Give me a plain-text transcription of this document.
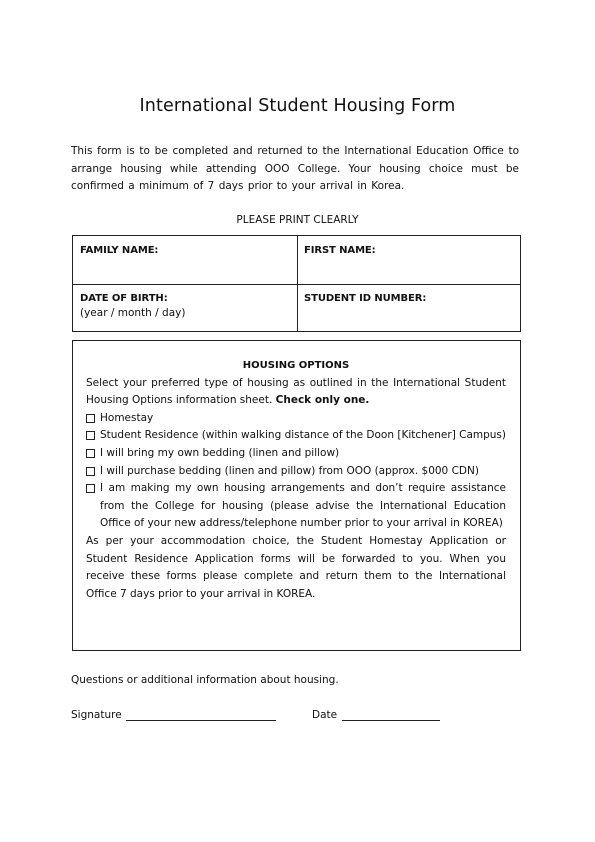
International Student Housing Form
This form is to be completed and returned to the International Education Office to arrange housing while attending OOO College. Your housing choice must be confirmed a minimum of 7 days prior to your arrival in Korea.
PLEASE PRINT CLEARLY
FAMILY NAME:	FIRST NAME:
DATE OF BIRTH:
(year / month / day)
STUDENT ID NUMBER:
HOUSING OPTIONS
Select your preferred type of housing as outlined in the International Student Housing Options information sheet. Check only one.
Homestay
Student Residence (within walking distance of the Doon [Kitchener] Campus)
I will bring my own bedding (linen and pillow)
I will purchase bedding (linen and pillow) from OOO (approx. $000 CDN)
I am making my own housing arrangements and don’t require assistance from the College for housing (please advise the International Education Office of your new address/telephone number prior to your arrival in KOREA)
As per your accommodation choice, the Student Homestay Application or Student Residence Application forms will be forwarded to you. When you receive these forms please complete and return them to the International Office 7 days prior to your arrival in KOREA.
Questions or additional information about housing.
Signature	Date
